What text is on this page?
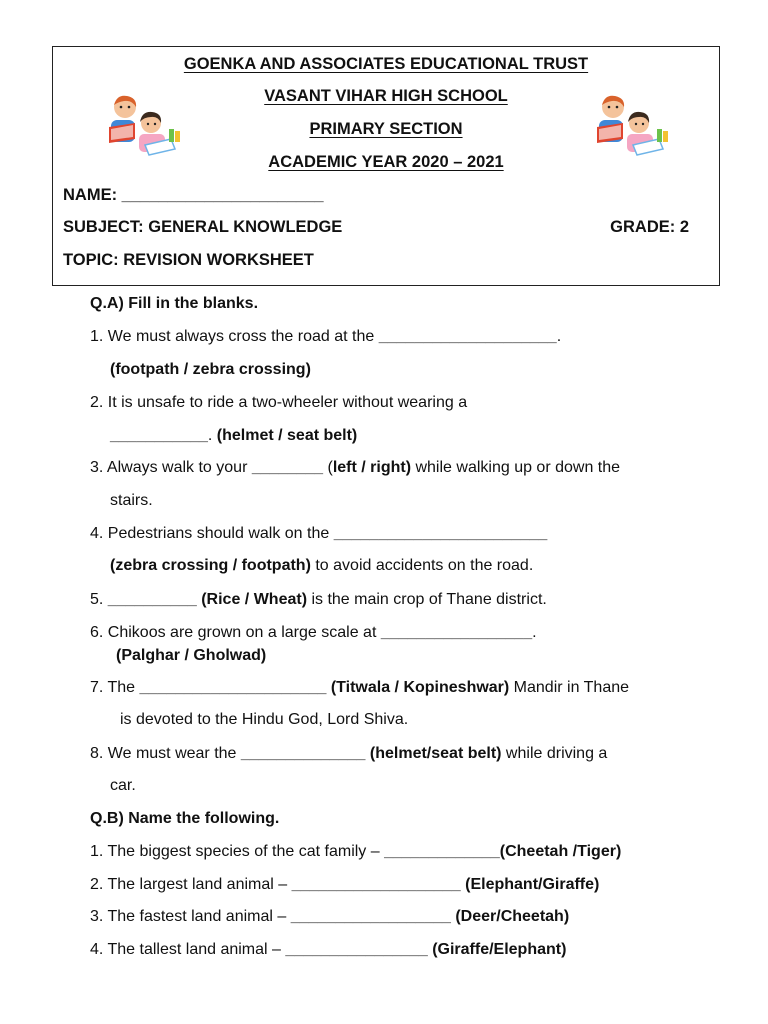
GOENKA AND ASSOCIATES EDUCATIONAL TRUST
VASANT VIHAR HIGH SCHOOL
PRIMARY SECTION
ACADEMIC YEAR 2020 – 2021
NAME: ______________________
SUBJECT: GENERAL KNOWLEDGE	GRADE: 2
TOPIC: REVISION WORKSHEET
Q.A) Fill in the blanks.
1. We must always cross the road at the ____________________.
(footpath / zebra crossing)
2. It is unsafe to ride a two-wheeler without wearing a
___________. (helmet / seat belt)
3. Always walk to your ________ (left / right) while walking up or down the
stairs.
4. Pedestrians should walk on the ________________________
(zebra crossing / footpath) to avoid accidents on the road.
5. __________ (Rice / Wheat) is the main crop of Thane district.
6. Chikoos are grown on a large scale at _________________.
(Palghar / Gholwad)
7. The _____________________ (Titwala / Kopineshwar) Mandir in Thane
is devoted to the Hindu God, Lord Shiva.
8. We must wear the ______________ (helmet/seat belt) while driving a
car.
Q.B) Name the following.
1. The biggest species of the cat family – _____________(Cheetah /Tiger)
2. The largest land animal – ___________________ (Elephant/Giraffe)
3. The fastest land animal – __________________ (Deer/Cheetah)
4. The tallest land animal – ________________ (Giraffe/Elephant)
